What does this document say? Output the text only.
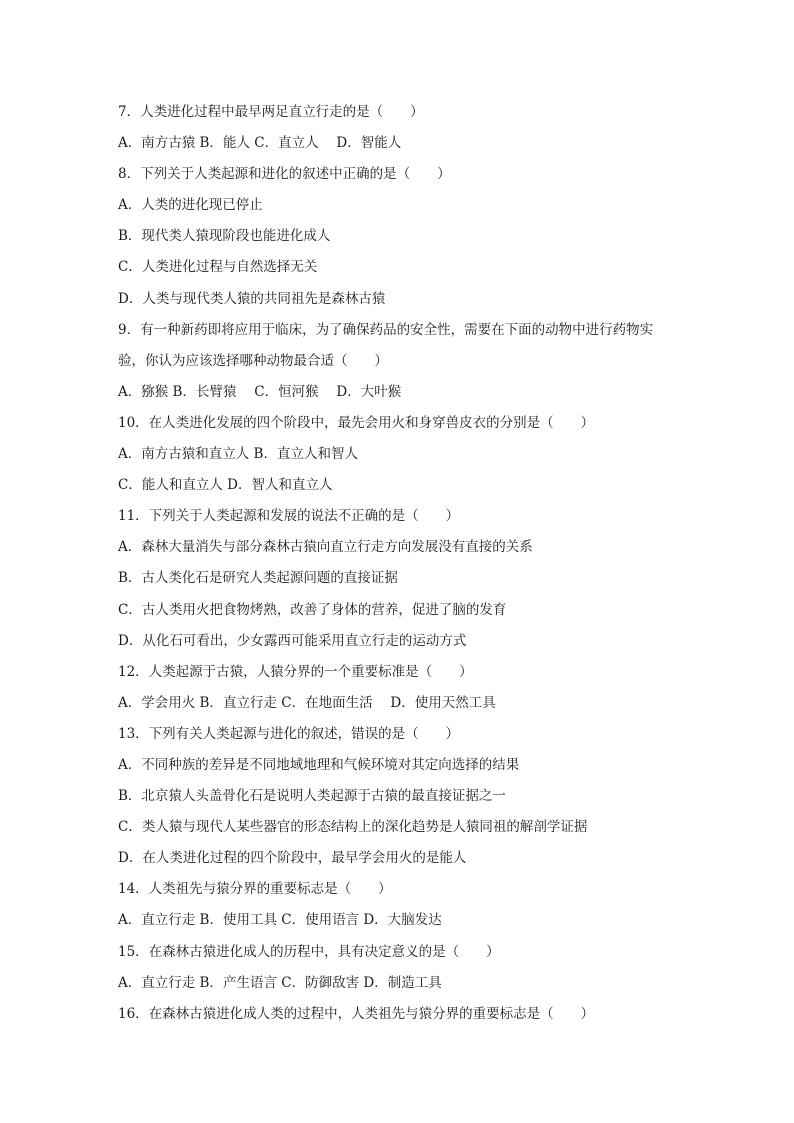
7．人类进化过程中最早两足直立行走的是（　　）
A．南方古猿 B．能人 C．直立人　 D．智能人
8．下列关于人类起源和进化的叙述中正确的是（　　）
A．人类的进化现已停止
B．现代类人猿现阶段也能进化成人
C．人类进化过程与自然选择无关
D．人类与现代类人猿的共同祖先是森林古猿
9．有一种新药即将应用于临床，为了确保药品的安全性，需要在下面的动物中进行药物实
验，你认为应该选择哪种动物最合适（　　）
A．猕猴 B．长臂猿　 C．恒河猴　 D．大叶猴
10．在人类进化发展的四个阶段中，最先会用火和身穿兽皮衣的分别是（　　）
A．南方古猿和直立人 B．直立人和智人
C．能人和直立人 D．智人和直立人
11．下列关于人类起源和发展的说法不正确的是（　　）
A．森林大量消失与部分森林古猿向直立行走方向发展没有直接的关系
B．古人类化石是研究人类起源问题的直接证据
C．古人类用火把食物烤熟，改善了身体的营养，促进了脑的发育
D．从化石可看出，少女露西可能采用直立行走的运动方式
12．人类起源于古猿，人猿分界的一个重要标准是（　　）
A．学会用火 B．直立行走 C．在地面生活　 D．使用天然工具
13．下列有关人类起源与进化的叙述，错误的是（　　）
A．不同种族的差异是不同地域地理和气候环境对其定向选择的结果
B．北京猿人头盖骨化石是说明人类起源于古猿的最直接证据之一
C．类人猿与现代人某些器官的形态结构上的深化趋势是人猿同祖的解剖学证据
D．在人类进化过程的四个阶段中，最早学会用火的是能人
14．人类祖先与猿分界的重要标志是（　　）
A．直立行走 B．使用工具 C．使用语言 D．大脑发达
15．在森林古猿进化成人的历程中，具有决定意义的是（　　）
A．直立行走 B．产生语言 C．防御敌害 D．制造工具
16．在森林古猿进化成人类的过程中，人类祖先与猿分界的重要标志是（　　）
